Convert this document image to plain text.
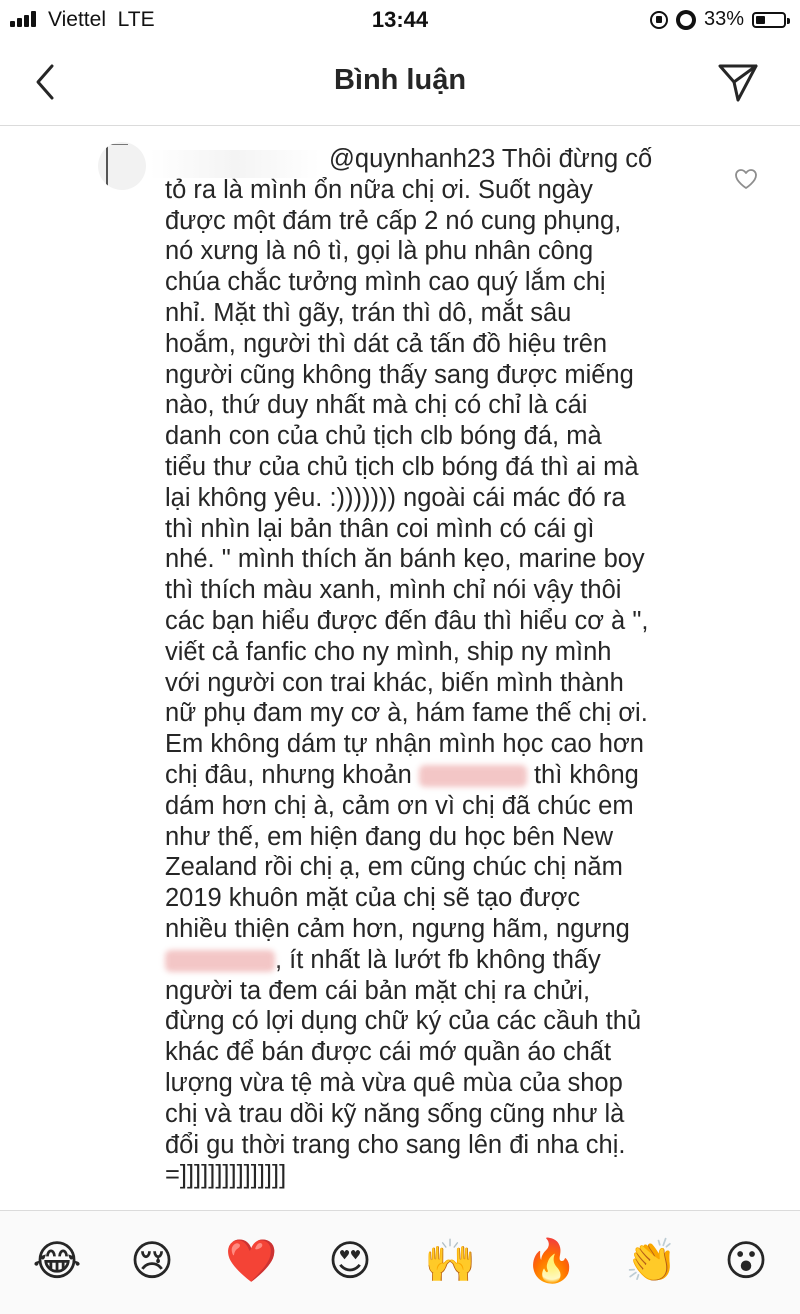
Viettel LTE	13:44	33%
Bình luận
@quynhanh23 Thôi đừng cố
tỏ ra là mình ổn nữa chị ơi. Suốt ngày
được một đám trẻ cấp 2 nó cung phụng,
nó xưng là nô tì, gọi là phu nhân công
chúa chắc tưởng mình cao quý lắm chị
nhỉ. Mặt thì gãy, trán thì dô, mắt sâu
hoắm, người thì dát cả tấn đồ hiệu trên
người cũng không thấy sang được miếng
nào, thứ duy nhất mà chị có chỉ là cái
danh con của chủ tịch clb bóng đá, mà
tiểu thư của chủ tịch clb bóng đá thì ai mà
lại không yêu. :))))))) ngoài cái mác đó ra
thì nhìn lại bản thân coi mình có cái gì
nhé. " mình thích ăn bánh kẹo, marine boy
thì thích màu xanh, mình chỉ nói vậy thôi
các bạn hiểu được đến đâu thì hiểu cơ à ",
viết cả fanfic cho ny mình, ship ny mình
với người con trai khác, biến mình thành
nữ phụ đam my cơ à, hám fame thế chị ơi.
Em không dám tự nhận mình học cao hơn
chị đâu, nhưng khoản	thì không
dám hơn chị à, cảm ơn vì chị đã chúc em
như thế, em hiện đang du học bên New
Zealand rồi chị ạ, em cũng chúc chị năm
2019 khuôn mặt của chị sẽ tạo được
nhiều thiện cảm hơn, ngưng hãm, ngưng
, ít nhất là lướt fb không thấy
người ta đem cái bản mặt chị ra chửi,
đừng có lợi dụng chữ ký của các cầuh thủ
khác để bán được cái mớ quần áo chất
lượng vừa tệ mà vừa quê mùa của shop
chị và trau dồi kỹ năng sống cũng như là
đổi gu thời trang cho sang lên đi nha chị.
=]]]]]]]]]]]]]]]
😂 😢 ❤️ 😍 🙌 🔥 👏 😮
